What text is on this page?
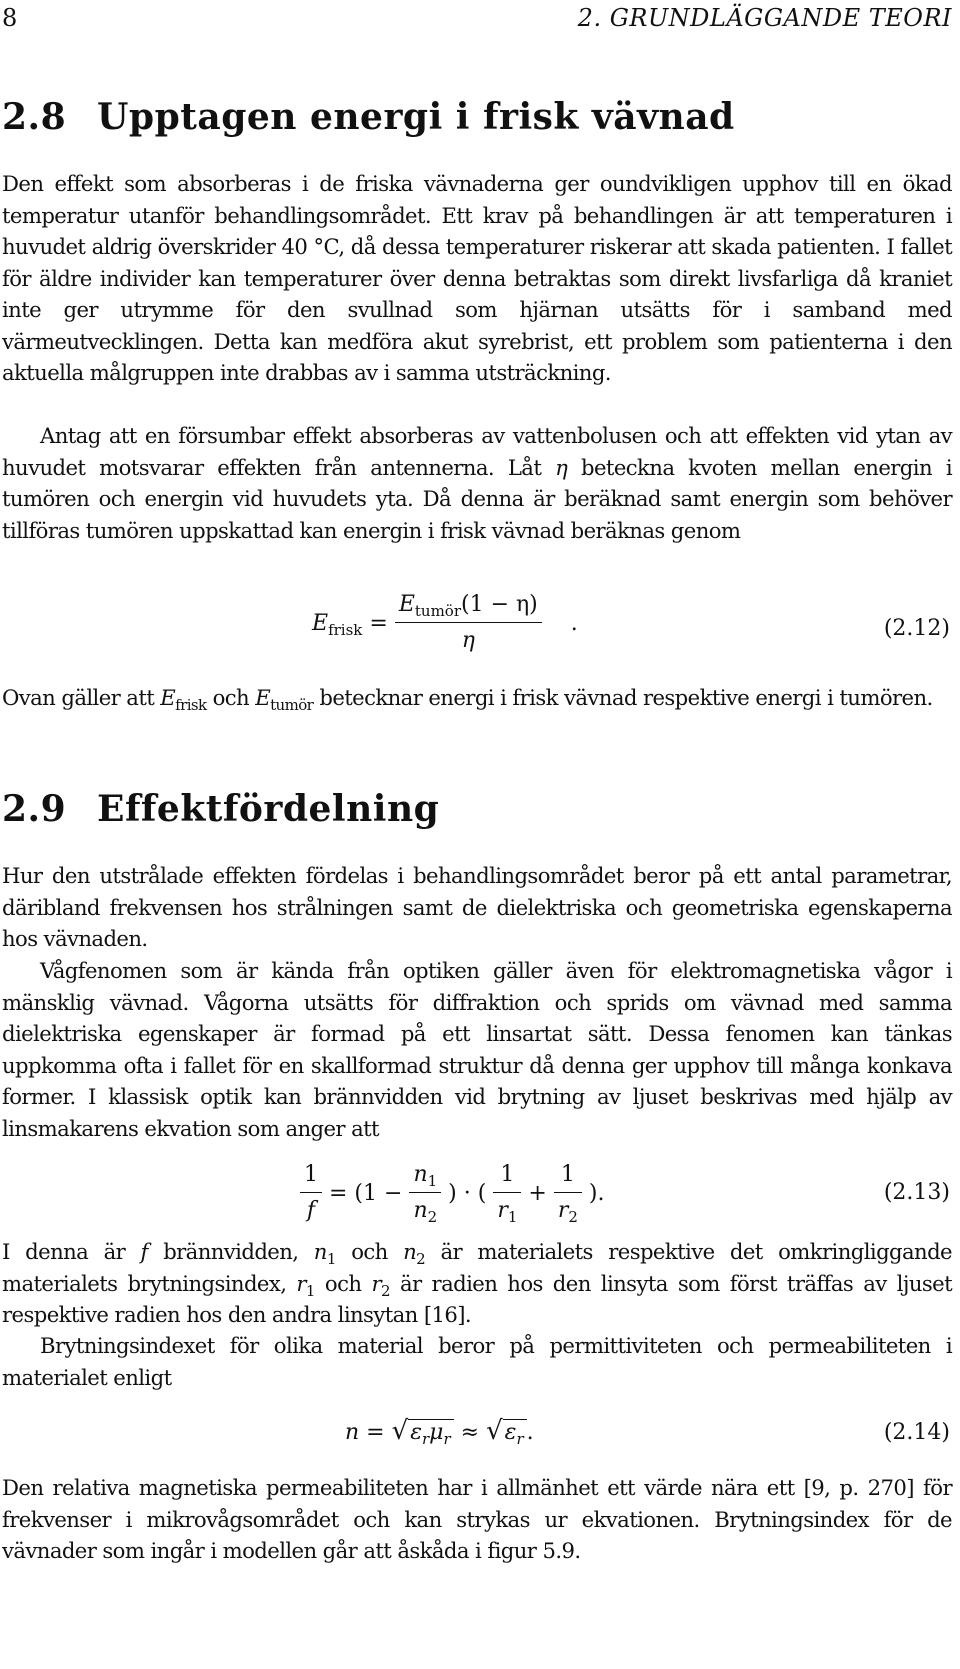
8	2. GRUNDLÄGGANDE TEORI
2.8 Upptagen energi i frisk vävnad

Den effekt som absorberas i de friska vävnaderna ger oundvikligen upphov till en ökad temperatur utanför behandlingsområdet. Ett krav på behandlingen är att temperaturen i huvudet aldrig överskrider 40 °C, då dessa temperaturer riskerar att skada patienten. I fallet för äldre individer kan temperaturer över denna betraktas som direkt livsfarliga då kraniet inte ger utrymme för den svullnad som hjärnan utsätts för i samband med värmeutvecklingen. Detta kan medföra akut syrebrist, ett problem som patienterna i den aktuella målgruppen inte drabbas av i samma utsträckning.

Antag att en försumbar effekt absorberas av vattenbolusen och att effekten vid ytan av huvudet motsvarar effekten från antennerna. Låt η beteckna kvoten mellan energin i tumören och energin vid huvudets yta. Då denna är beräknad samt energin som behöver tillföras tumören uppskattad kan energin i frisk vävnad beräknas genom

$E_{frisk} = \frac{E_{tumör}(1 - \eta)}{\eta}$ .	(2.12)

Ovan gäller att $E_{frisk}$ och $E_{tumör}$ betecknar energi i frisk vävnad respektive energi i tumören.

2.9 Effektfördelning

Hur den utstrålade effekten fördelas i behandlingsområdet beror på ett antal parametrar, däribland frekvensen hos strålningen samt de dielektriska och geometriska egenskaperna hos vävnaden.

Vågfenomen som är kända från optiken gäller även för elektromagnetiska vågor i mänsklig vävnad. Vågorna utsätts för diffraktion och sprids om vävnad med samma dielektriska egenskaper är formad på ett linsartat sätt. Dessa fenomen kan tänkas uppkomma ofta i fallet för en skallformad struktur då denna ger upphov till många konkava former. I klassisk optik kan brännvidden vid brytning av ljuset beskrivas med hjälp av linsmakarens ekvation som anger att

$\frac{1}{f} = (1 - \frac{n_1}{n_2}$ ) · ( $\frac{1}{r_1} + \frac{1}{r_2}$ ).	(2.13)

I denna är f brännvidden, $n_1$ och $n_2$ är materialets respektive det omkringliggande materialets brytningsindex, $r_1$ och $r_2$ är radien hos den linsyta som först träffas av ljuset respektive radien hos den andra linsytan [16].

Brytningsindexet för olika material beror på permittiviteten och permeabiliteten i materialet enligt

$n = √\varepsilon_r\mu_r \approx √\varepsilon_r$ .	(2.14)

Den relativa magnetiska permeabiliteten har i allmänhet ett värde nära ett [9, p. 270] för frekvenser i mikrovågsområdet och kan strykas ur ekvationen. Brytningsindex för de vävnader som ingår i modellen går att åskåda i figur 5.9.
